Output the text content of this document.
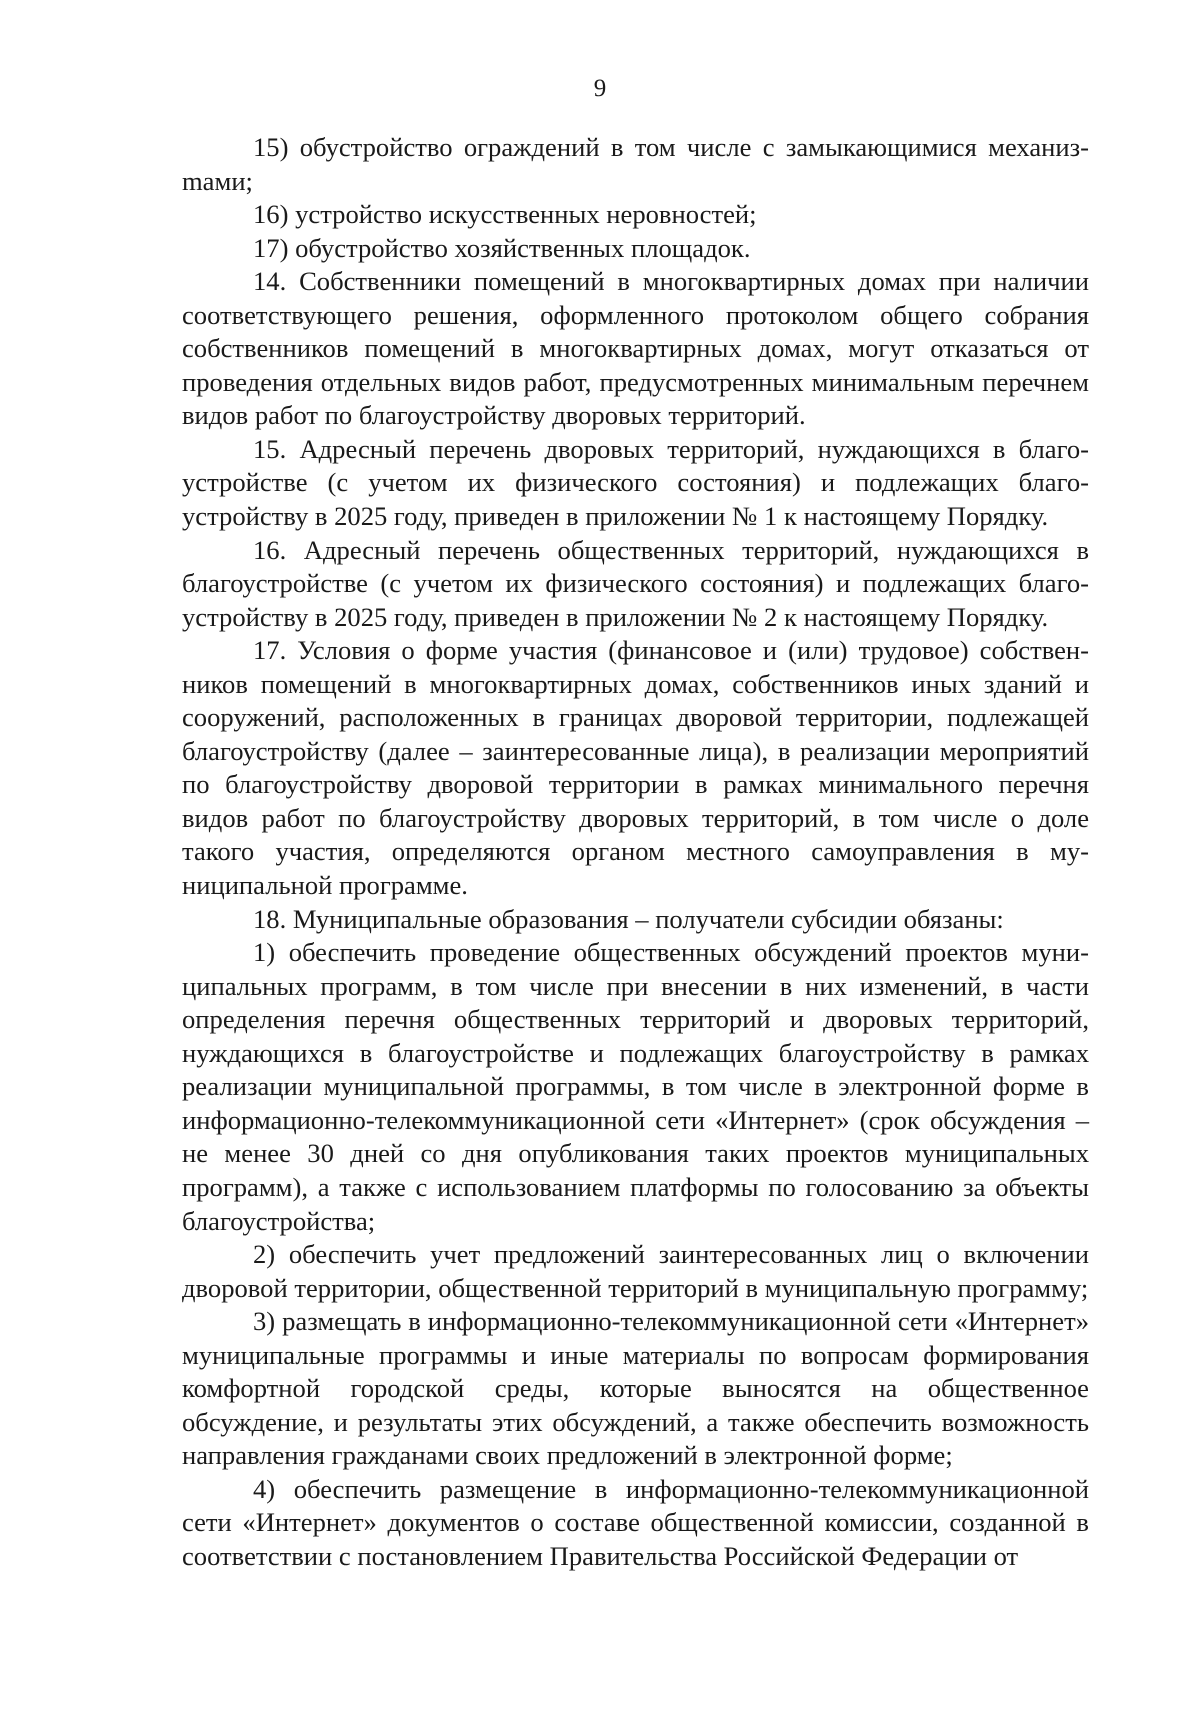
9

15) обустройство ограждений в том числе с замыкающимися механизmами;

16) устройство искусственных неровностей;

17) обустройство хозяйственных площадок.

14. Собственники помещений в многоквартирных домах при наличии соответствующего решения, оформленного протоколом общего собрания собственников помещений в многоквартирных домах, могут отказаться от проведения отдельных видов работ, предусмотренных минимальным перечнем видов работ по благоустройству дворовых территорий.

15. Адресный перечень дворовых территорий, нуждающихся в благоустройстве (с учетом их физического состояния) и подлежащих благоустройству в 2025 году, приведен в приложении № 1 к настоящему Порядку.

16. Адресный перечень общественных территорий, нуждающихся в благоустройстве (с учетом их физического состояния) и подлежащих благоустройству в 2025 году, приведен в приложении № 2 к настоящему Порядку.

17. Условия о форме участия (финансовое и (или) трудовое) собственников помещений в многоквартирных домах, собственников иных зданий и сооружений, расположенных в границах дворовой территории, подлежащей благоустройству (далее – заинтересованные лица), в реализации мероприятий по благоустройству дворовой территории в рамках минимального перечня видов работ по благоустройству дворовых территорий, в том числе о доле такого участия, определяются органом местного самоуправления в муниципальной программе.

18. Муниципальные образования – получатели субсидии обязаны:

1) обеспечить проведение общественных обсуждений проектов муниципальных программ, в том числе при внесении в них изменений, в части определения перечня общественных территорий и дворовых территорий, нуждающихся в благоустройстве и подлежащих благоустройству в рамках реализации муниципальной программы, в том числе в электронной форме в информационно-телекоммуникационной сети «Интернет» (срок обсуждения – не менее 30 дней со дня опубликования таких проектов муниципальных программ), а также с использованием платформы по голосованию за объекты благоустройства;

2) обеспечить учет предложений заинтересованных лиц о включении дворовой территории, общественной территорий в муниципальную программу;

3) размещать в информационно-телекоммуникационной сети «Интернет» муниципальные программы и иные материалы по вопросам формирования комфортной городской среды, которые выносятся на общественное обсуждение, и результаты этих обсуждений, а также обеспечить возможность направления гражданами своих предложений в электронной форме;

4) обеспечить размещение в информационно-телекоммуникационной сети «Интернет» документов о составе общественной комиссии, созданной в соответствии с постановлением Правительства Российской Федерации от
